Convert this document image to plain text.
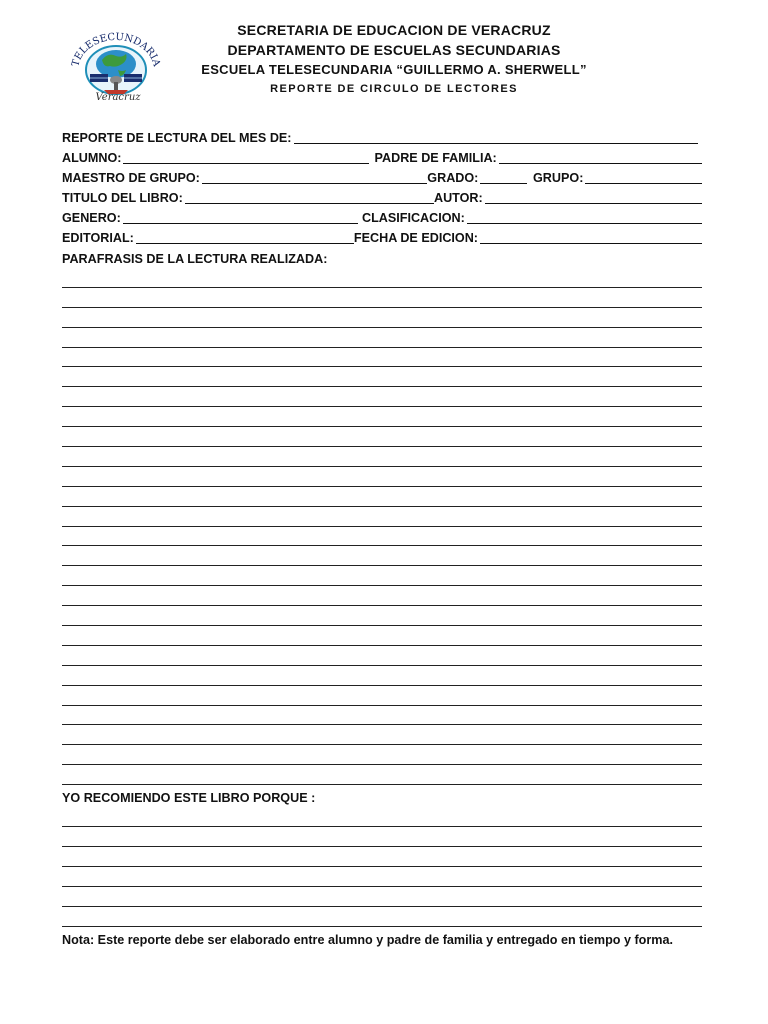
TELESECUNDARIA
Veracruz
SECRETARIA DE EDUCACION DE VERACRUZ
DEPARTAMENTO DE ESCUELAS SECUNDARIAS
ESCUELA TELESECUNDARIA “GUILLERMO A. SHERWELL”
REPORTE DE CIRCULO DE LECTORES
REPORTE DE LECTURA DEL MES DE:
ALUMNO:	PADRE DE FAMILIA:
MAESTRO DE GRUPO:	GRADO:	GRUPO:
TITULO DEL LIBRO:	AUTOR:
GENERO:	CLASIFICACION:
EDITORIAL:	FECHA DE EDICION:
PARAFRASIS DE LA LECTURA REALIZADA:
YO RECOMIENDO ESTE LIBRO PORQUE :
Nota: Este reporte debe ser elaborado entre alumno y padre de familia y entregado en tiempo y forma.
